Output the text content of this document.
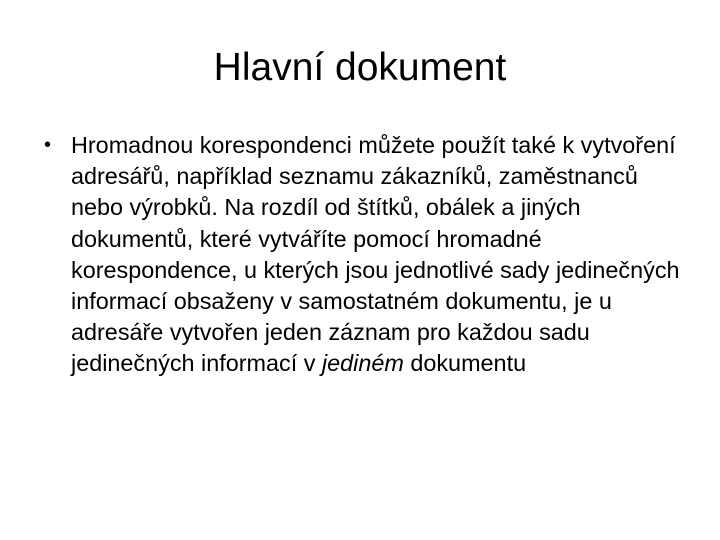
Hlavní dokument
• Hromadnou korespondenci můžete použít také k vytvoření adresářů, například seznamu zákazníků, zaměstnanců nebo výrobků. Na rozdíl od štítků, obálek a jiných dokumentů, které vytváříte pomocí hromadné korespondence, u kterých jsou jednotlivé sady jedinečných informací obsaženy v samostatném dokumentu, je u adresáře vytvořen jeden záznam pro každou sadu jedinečných informací v jediném dokumentu
